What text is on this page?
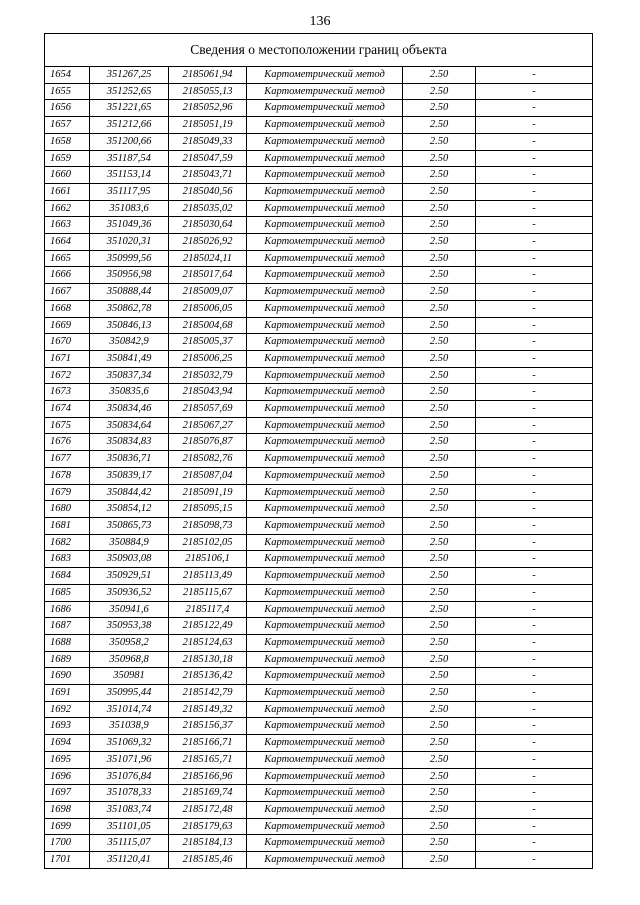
136
Сведения о местоположении границ объекта					
1654	351267,25	2185061,94	Картометрический метод	2.50	-
1655	351252,65	2185055,13	Картометрический метод	2.50	-
1656	351221,65	2185052,96	Картометрический метод	2.50	-
1657	351212,66	2185051,19	Картометрический метод	2.50	-
1658	351200,66	2185049,33	Картометрический метод	2.50	-
1659	351187,54	2185047,59	Картометрический метод	2.50	-
1660	351153,14	2185043,71	Картометрический метод	2.50	-
1661	351117,95	2185040,56	Картометрический метод	2.50	-
1662	351083,6	2185035,02	Картометрический метод	2.50	-
1663	351049,36	2185030,64	Картометрический метод	2.50	-
1664	351020,31	2185026,92	Картометрический метод	2.50	-
1665	350999,56	2185024,11	Картометрический метод	2.50	-
1666	350956,98	2185017,64	Картометрический метод	2.50	-
1667	350888,44	2185009,07	Картометрический метод	2.50	-
1668	350862,78	2185006,05	Картометрический метод	2.50	-
1669	350846,13	2185004,68	Картометрический метод	2.50	-
1670	350842,9	2185005,37	Картометрический метод	2.50	-
1671	350841,49	2185006,25	Картометрический метод	2.50	-
1672	350837,34	2185032,79	Картометрический метод	2.50	-
1673	350835,6	2185043,94	Картометрический метод	2.50	-
1674	350834,46	2185057,69	Картометрический метод	2.50	-
1675	350834,64	2185067,27	Картометрический метод	2.50	-
1676	350834,83	2185076,87	Картометрический метод	2.50	-
1677	350836,71	2185082,76	Картометрический метод	2.50	-
1678	350839,17	2185087,04	Картометрический метод	2.50	-
1679	350844,42	2185091,19	Картометрический метод	2.50	-
1680	350854,12	2185095,15	Картометрический метод	2.50	-
1681	350865,73	2185098,73	Картометрический метод	2.50	-
1682	350884,9	2185102,05	Картометрический метод	2.50	-
1683	350903,08	2185106,1	Картометрический метод	2.50	-
1684	350929,51	2185113,49	Картометрический метод	2.50	-
1685	350936,52	2185115,67	Картометрический метод	2.50	-
1686	350941,6	2185117,4	Картометрический метод	2.50	-
1687	350953,38	2185122,49	Картометрический метод	2.50	-
1688	350958,2	2185124,63	Картометрический метод	2.50	-
1689	350968,8	2185130,18	Картометрический метод	2.50	-
1690	350981	2185136,42	Картометрический метод	2.50	-
1691	350995,44	2185142,79	Картометрический метод	2.50	-
1692	351014,74	2185149,32	Картометрический метод	2.50	-
1693	351038,9	2185156,37	Картометрический метод	2.50	-
1694	351069,32	2185166,71	Картометрический метод	2.50	-
1695	351071,96	2185165,71	Картометрический метод	2.50	-
1696	351076,84	2185166,96	Картометрический метод	2.50	-
1697	351078,33	2185169,74	Картометрический метод	2.50	-
1698	351083,74	2185172,48	Картометрический метод	2.50	-
1699	351101,05	2185179,63	Картометрический метод	2.50	-
1700	351115,07	2185184,13	Картометрический метод	2.50	-
1701	351120,41	2185185,46	Картометрический метод	2.50	-
